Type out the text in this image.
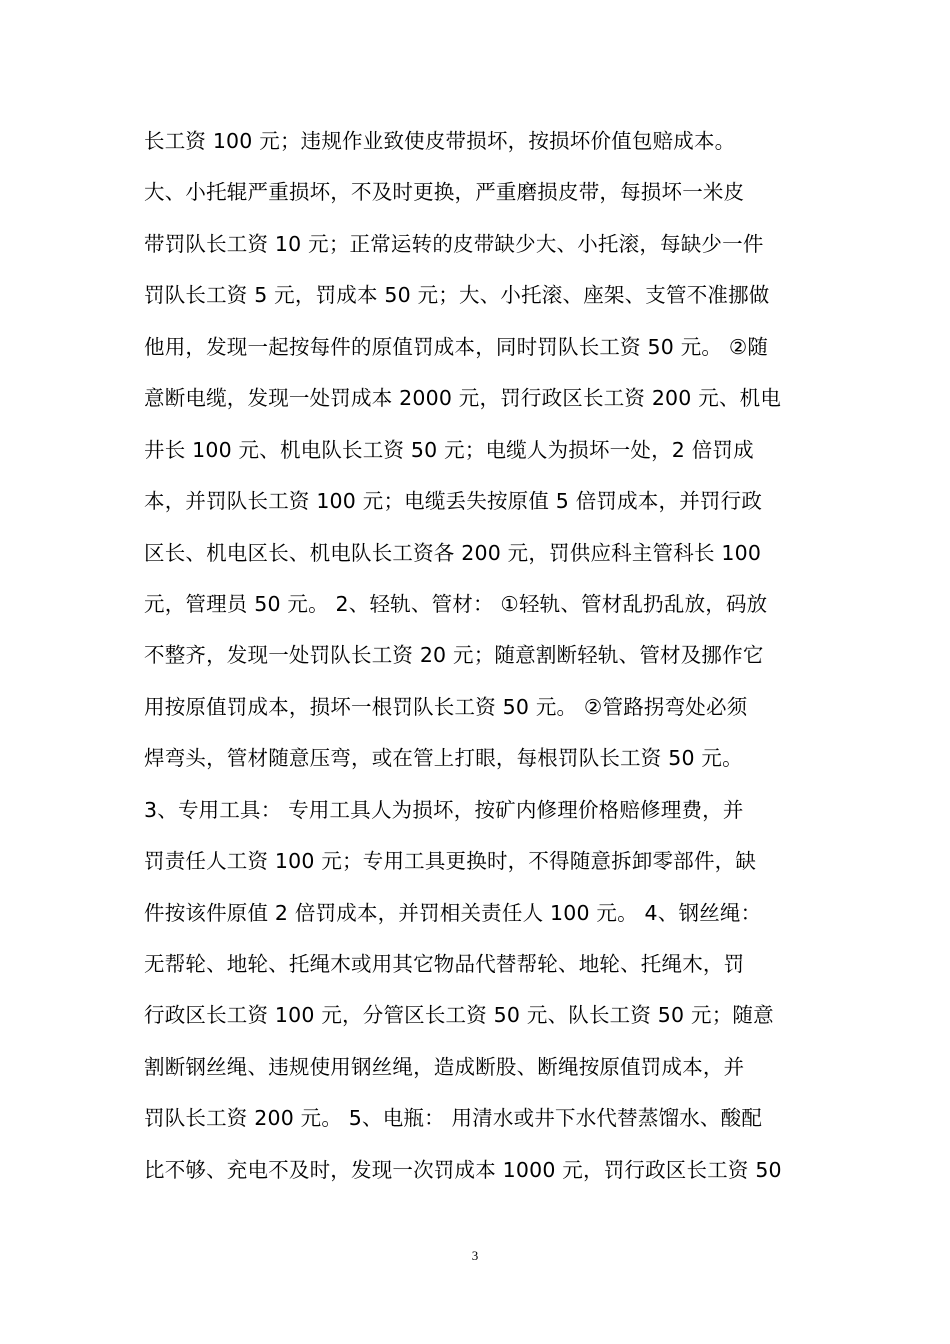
长工资 100 元；违规作业致使皮带损坏，按损坏价值包赔成本。
大、小托辊严重损坏，不及时更换，严重磨损皮带，每损坏一米皮
带罚队长工资 10 元；正常运转的皮带缺少大、小托滚，每缺少一件
罚队长工资 5 元，罚成本 50 元；大、小托滚、座架、支管不准挪做
他用，发现一起按每件的原值罚成本，同时罚队长工资 50 元。 ②随
意断电缆，发现一处罚成本 2000 元，罚行政区长工资 200 元、机电
井长 100 元、机电队长工资 50 元；电缆人为损坏一处，2 倍罚成
本，并罚队长工资 100 元；电缆丢失按原值 5 倍罚成本，并罚行政
区长、机电区长、机电队长工资各 200 元，罚供应科主管科长 100
元，管理员 50 元。 2、轻轨、管材： ①轻轨、管材乱扔乱放，码放
不整齐，发现一处罚队长工资 20 元；随意割断轻轨、管材及挪作它
用按原值罚成本，损坏一根罚队长工资 50 元。 ②管路拐弯处必须
焊弯头，管材随意压弯，或在管上打眼，每根罚队长工资 50 元。
3、专用工具： 专用工具人为损坏，按矿内修理价格赔修理费，并
罚责任人工资 100 元；专用工具更换时，不得随意拆卸零部件，缺
件按该件原值 2 倍罚成本，并罚相关责任人 100 元。 4、钢丝绳：
无帮轮、地轮、托绳木或用其它物品代替帮轮、地轮、托绳木，罚
行政区长工资 100 元，分管区长工资 50 元、队长工资 50 元；随意
割断钢丝绳、违规使用钢丝绳，造成断股、断绳按原值罚成本，并
罚队长工资 200 元。 5、电瓶： 用清水或井下水代替蒸馏水、酸配
比不够、充电不及时，发现一次罚成本 1000 元，罚行政区长工资 50
3
